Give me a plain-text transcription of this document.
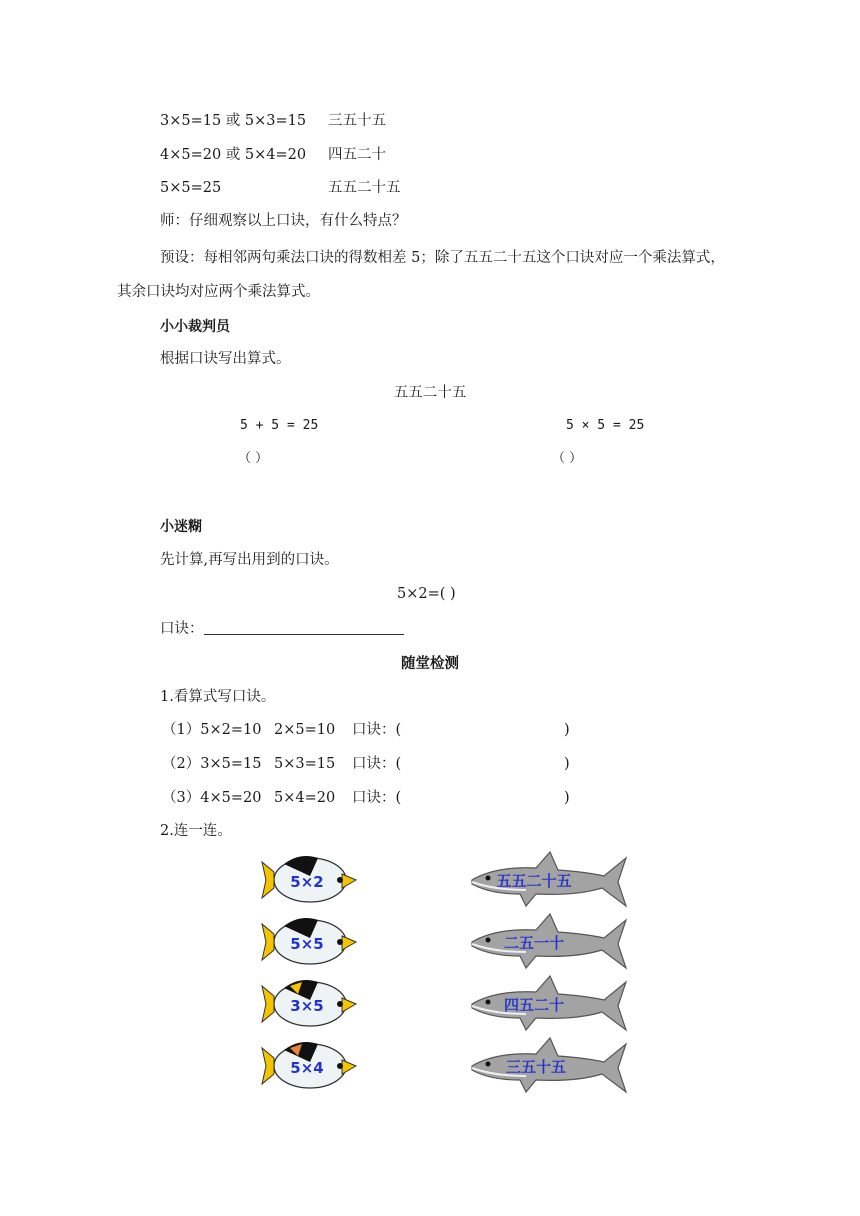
3×5=15 或 5×3=15 三五十五
4×5=20 或 5×4=20 四五二十
5×5=25	五五二十五
师：仔细观察以上口诀，有什么特点？
预设：每相邻两句乘法口诀的得数相差 5；除了五五二十五这个口诀对应一个乘法算式，
其余口诀均对应两个乘法算式。
小小裁判员
根据口诀写出算式。
五五二十五
5 + 5 = 25	5 × 5 = 25
（ ）	（ ）
小迷糊
先计算,再写出用到的口诀。
5×2=( )
口诀：
随堂检测
1.看算式写口诀。
（1）5×2=10 2×5=10 口诀：(	)
（2）3×5=15 5×3=15 口诀：(	)
（3）4×5=20 5×4=20 口诀：(	)
2.连一连。
5×2
5×5
3×5
5×4
五五二十五
二五一十
四五二十
三五十五
